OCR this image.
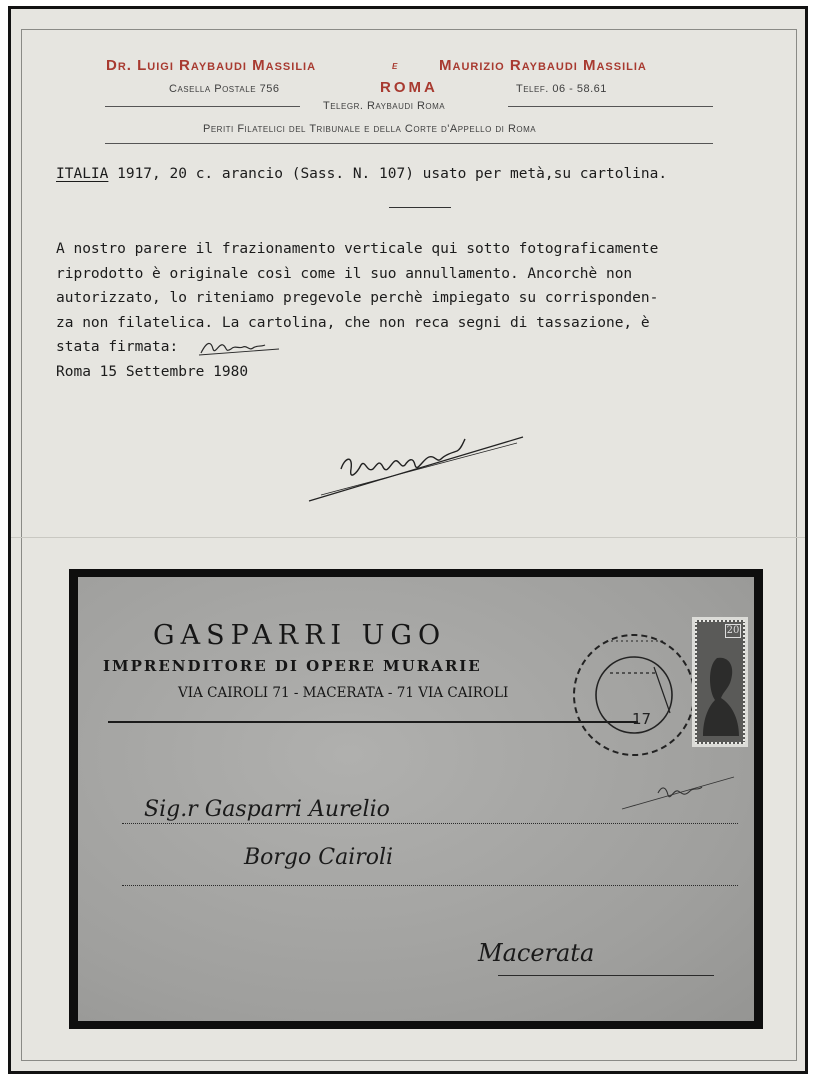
Dr. Luigi Raybaudi Massilia	e	Maurizio Raybaudi Massilia
Casella Postale 756	ROMA	Telef. 06 - 58.61
Telegr. Raybaudi Roma
Periti Filatelici del Tribunale e della Corte d'Appello di Roma
ITALIA 1917, 20 c. arancio (Sass. N. 107) usato per metà,su cartolina.
A nostro parere il frazionamento verticale qui sotto fotograficamente
riprodotto è originale così come il suo annullamento. Ancorchè non
autorizzato, lo riteniamo pregevole perchè impiegato su corrisponden-
za non filatelica. La cartolina, che non reca segni di tassazione, è
stata firmata:
Roma 15 Settembre 1980

GASPARRI UGO
IMPRENDITORE DI OPERE MURARIE
VIA CAIROLI 71 - MACERATA - 71 VIA CAIROLI
17
20
Sig.r Gasparri Aurelio
Borgo Cairoli
Macerata
